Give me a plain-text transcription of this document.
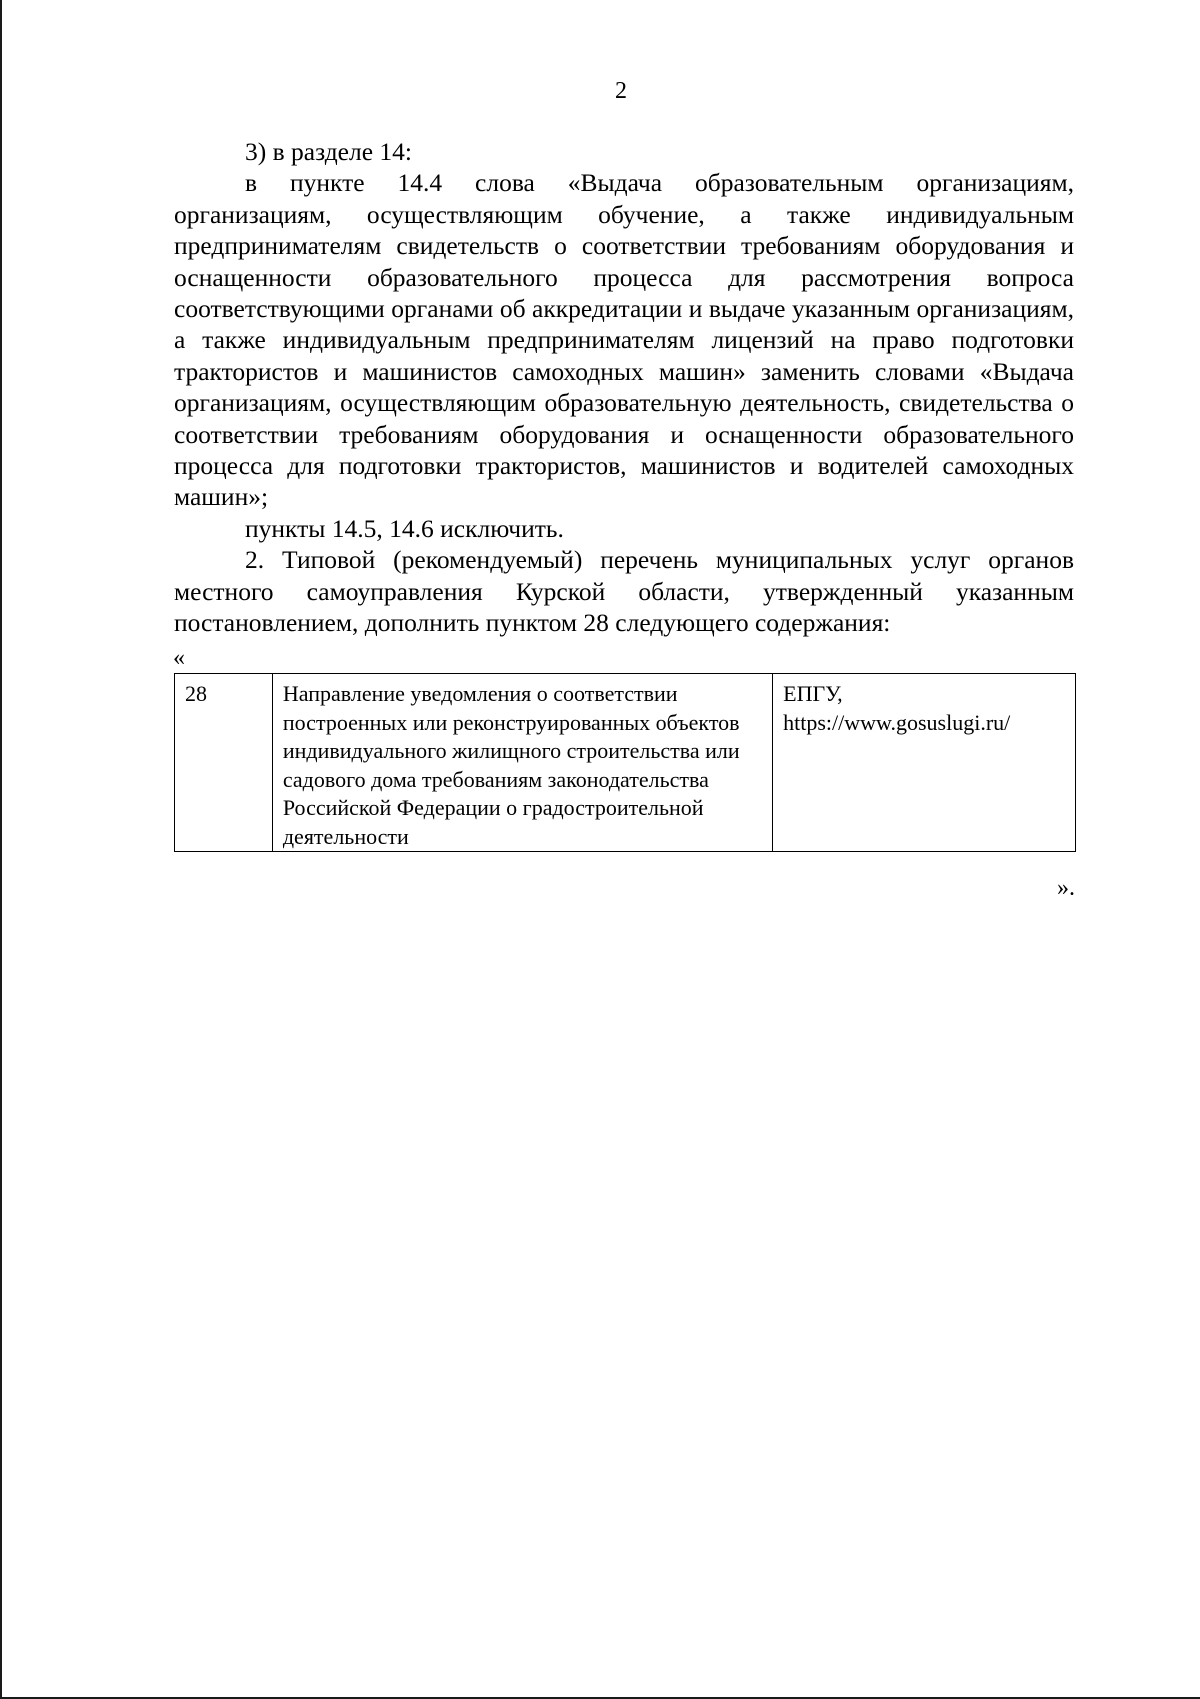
2

3) в разделе 14:

в пункте 14.4 слова «Выдача образовательным организациям, организациям, осуществляющим обучение, а также индивидуальным предпринимателям свидетельств о соответствии требованиям оборудования и оснащенности образовательного процесса для рассмотрения вопроса соответствующими органами об аккредитации и выдаче указанным организациям, а также индивидуальным предпринимателям лицензий на право подготовки трактористов и машинистов самоходных машин» заменить словами «Выдача организациям, осуществляющим образовательную деятельность, свидетельства о соответствии требованиям оборудования и оснащенности образовательного процесса для подготовки трактористов, машинистов и водителей самоходных машин»;

пункты 14.5, 14.6 исключить.

2. Типовой (рекомендуемый) перечень муниципальных услуг органов местного самоуправления Курской области, утвержденный указанным постановлением, дополнить пунктом 28 следующего содержания:

«
28	Направление уведомления о соответствии построенных или реконструированных объектов индивидуального жилищного строительства или садового дома требованиям законодательства Российской Федерации о градостроительной деятельности	ЕПГУ, https://www.gosuslugi.ru/
».
